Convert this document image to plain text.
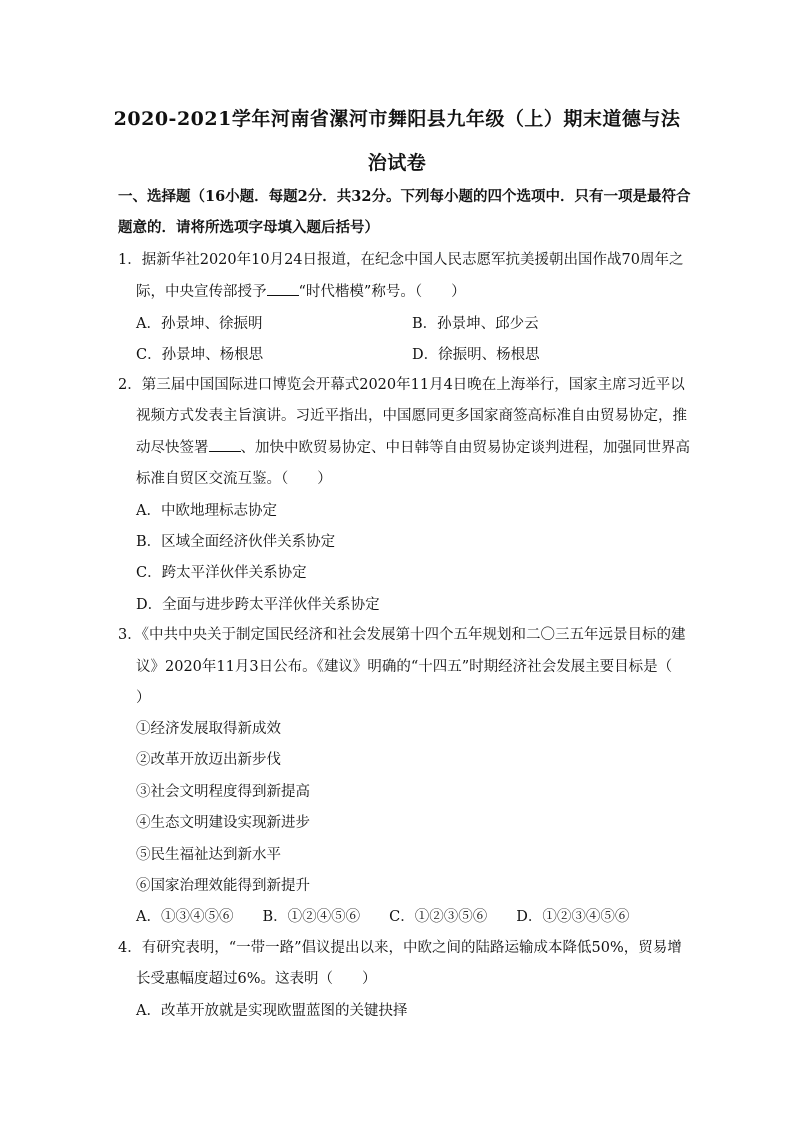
2020-2021学年河南省漯河市舞阳县九年级（上）期末道德与法
治试卷

一、选择题（16小题．每题2分．共32分。下列每小题的四个选项中．只有一项是最符合

题意的．请将所选项字母填入题后括号）

1．据新华社2020年10月24日报道，在纪念中国人民志愿军抗美援朝出国作战70周年之

际，中央宣传部授予 “时代楷模”称号。（　　）

A．孙景坤、徐振明	B．孙景坤、邱少云

C．孙景坤、杨根思	D．徐振明、杨根思

2．第三届中国国际进口博览会开幕式2020年11月4日晚在上海举行，国家主席习近平以

视频方式发表主旨演讲。习近平指出，中国愿同更多国家商签高标准自由贸易协定，推

动尽快签署 、加快中欧贸易协定、中日韩等自由贸易协定谈判进程，加强同世界高

标准自贸区交流互鉴。（　　）

A．中欧地理标志协定

B．区域全面经济伙伴关系协定

C．跨太平洋伙伴关系协定

D．全面与进步跨太平洋伙伴关系协定

3．《中共中央关于制定国民经济和社会发展第十四个五年规划和二〇三五年远景目标的建

议》2020年11月3日公布。《建议》明确的“十四五”时期经济社会发展主要目标是（

）

①经济发展取得新成效

②改革开放迈出新步伐

③社会文明程度得到新提高

④生态文明建设实现新进步

⑤民生福祉达到新水平

⑥国家治理效能得到新提升

A．①③④⑤⑥　　B．①②④⑤⑥　　C．①②③⑤⑥　　D．①②③④⑤⑥

4．有研究表明，“一带一路”倡议提出以来，中欧之间的陆路运输成本降低50%，贸易增

长受惠幅度超过6%。这表明（　　）

A．改革开放就是实现欧盟蓝图的关键抉择
